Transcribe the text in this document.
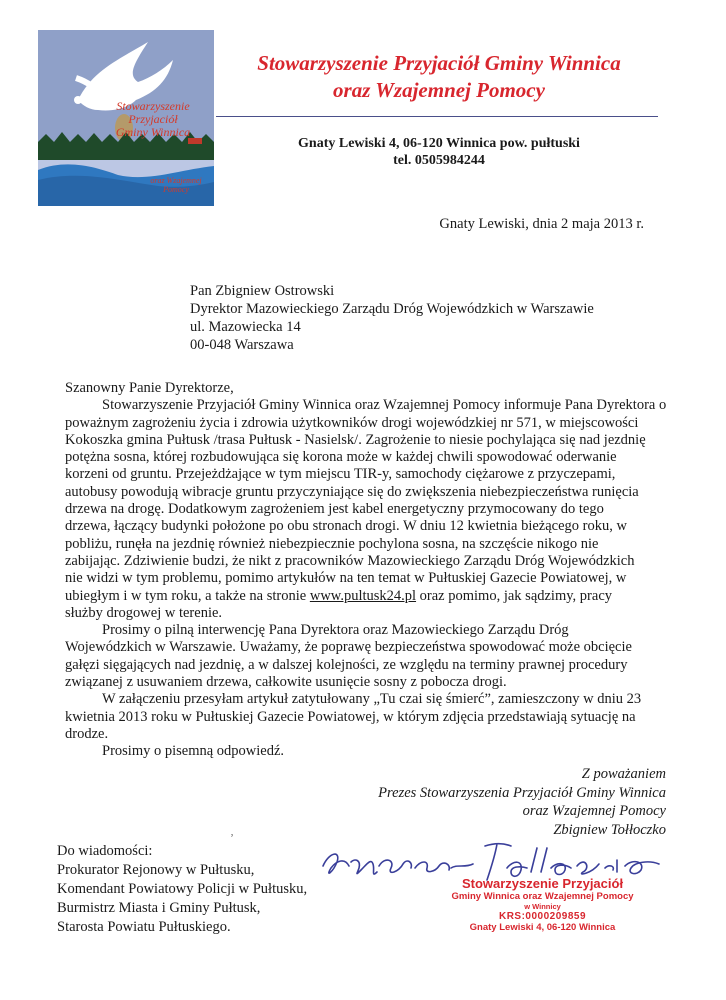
Stowarzyszenie
Przyjaciół
Gminy Winnica
oraz Wzajemnej
Pomocy
Stowarzyszenie Przyjaciół Gminy Winnica
oraz Wzajemnej Pomocy
Gnaty Lewiski 4, 06-120 Winnica pow. pułtuski
tel. 0505984244
Gnaty Lewiski, dnia 2 maja 2013 r.
Pan Zbigniew Ostrowski
Dyrektor Mazowieckiego Zarządu Dróg Wojewódzkich w Warszawie
ul. Mazowiecka 14
00-048 Warszawa
Szanowny Panie Dyrektorze,
Stowarzyszenie Przyjaciół Gminy Winnica oraz Wzajemnej Pomocy informuje Pana Dyrektora o
poważnym zagrożeniu życia i zdrowia użytkowników drogi wojewódzkiej nr 571, w miejscowości
Kokoszka gmina Pułtusk /trasa Pułtusk - Nasielsk/. Zagrożenie to niesie pochylająca się nad jezdnię
potężna sosna, której rozbudowująca się korona może w każdej chwili spowodować oderwanie
korzeni od gruntu. Przejeżdżające w tym miejscu TIR-y, samochody ciężarowe z przyczepami,
autobusy powodują wibracje gruntu przyczyniające się do zwiększenia niebezpieczeństwa runięcia
drzewa na drogę. Dodatkowym zagrożeniem jest kabel energetyczny przymocowany do tego
drzewa, łączący budynki położone po obu stronach drogi. W dniu 12 kwietnia bieżącego roku, w
pobliżu, runęła na jezdnię również niebezpiecznie pochylona sosna, na szczęście nikogo nie
zabijając. Zdziwienie budzi, że nikt z pracowników Mazowieckiego Zarządu Dróg Wojewódzkich
nie widzi w tym problemu, pomimo artykułów na ten temat w Pułtuskiej Gazecie Powiatowej, w
ubiegłym i w tym roku, a także na stronie www.pultusk24.pl oraz pomimo, jak sądzimy, pracy
służby drogowej w terenie.
Prosimy o pilną interwencję Pana Dyrektora oraz Mazowieckiego Zarządu Dróg
Wojewódzkich w Warszawie. Uważamy, że poprawę bezpieczeństwa spowodować może obcięcie
gałęzi sięgających nad jezdnię, a w dalszej kolejności, ze względu na terminy prawnej procedury
związanej z usuwaniem drzewa, całkowite usunięcie sosny z pobocza drogi.
W załączeniu przesyłam artykuł zatytułowany „Tu czai się śmierć”, zamieszczony w dniu 23
kwietnia 2013 roku w Pułtuskiej Gazecie Powiatowej, w którym zdjęcia przedstawiają sytuację na
drodze.
Prosimy o pisemną odpowiedź.
Z poważaniem
Prezes Stowarzyszenia Przyjaciół Gminy Winnica
oraz Wzajemnej Pomocy
Zbigniew Tołłoczko
ʼ
Do wiadomości:
Prokurator Rejonowy w Pułtusku,
Komendant Powiatowy Policji w Pułtusku,
Burmistrz Miasta i Gminy Pułtusk,
Starosta Powiatu Pułtuskiego.
Stowarzyszenie Przyjaciół
Gminy Winnica oraz Wzajemnej Pomocy
w Winnicy
KRS:0000209859
Gnaty Lewiski 4, 06-120 Winnica
